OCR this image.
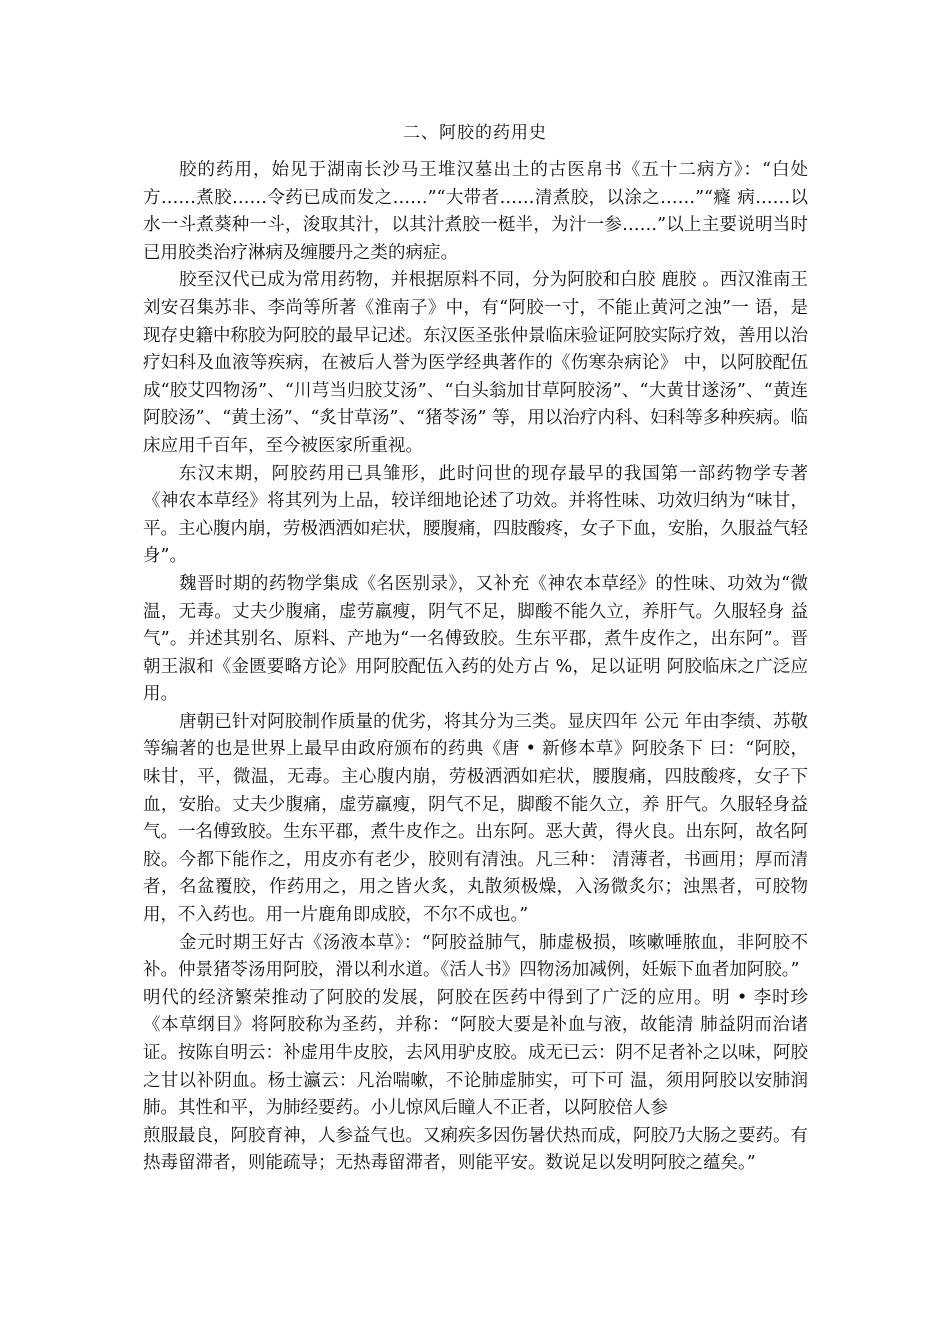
二、阿胶的药用史

胶的药用，始见于湖南长沙马王堆汉墓出土的古医帛书《五十二病方》：“白处方……煮胶……令药已成而发之……”“大带者……清煮胶，以涂之……”“癃 病……以水一斗煮葵种一斗，浚取其汁，以其汁煮胶一梃半，为汁一参……”以上主要说明当时已用胶类治疗淋病及缠腰丹之类的病症。

胶至汉代已成为常用药物，并根据原料不同，分为阿胶和白胶 鹿胶 。西汉淮南王刘安召集苏非、李尚等所著《淮南子》中，有“阿胶一寸，不能止黄河之浊”一 语，是现存史籍中称胶为阿胶的最早记述。东汉医圣张仲景临床验证阿胶实际疗效，善用以治疗妇科及血液等疾病，在被后人誉为医学经典著作的《伤寒杂病论》 中，以阿胶配伍成“胶艾四物汤”、“川芎当归胶艾汤”、“白头翁加甘草阿胶汤”、“大黄甘遂汤”、“黄连阿胶汤”、“黄土汤”、“炙甘草汤”、“猪苓汤” 等，用以治疗内科、妇科等多种疾病。临床应用千百年，至今被医家所重视。

东汉末期，阿胶药用已具雏形，此时问世的现存最早的我国第一部药物学专著《神农本草经》将其列为上品，较详细地论述了功效。并将性味、功效归纳为“味甘，平。主心腹内崩，劳极洒洒如疟状，腰腹痛，四肢酸疼，女子下血，安胎，久服益气轻身”。

魏晋时期的药物学集成《名医别录》，又补充《神农本草经》的性味、功效为“微温，无毒。丈夫少腹痛，虚劳羸瘦，阴气不足，脚酸不能久立，养肝气。久服轻身 益气”。并述其别名、原料、产地为“一名傅致胶。生东平郡，煮牛皮作之，出东阿”。晋朝王淑和《金匮要略方论》用阿胶配伍入药的处方占 %，足以证明 阿胶临床之广泛应用。

唐朝已针对阿胶制作质量的优劣，将其分为三类。显庆四年 公元 年由李绩、苏敬等编著的也是世界上最早由政府颁布的药典《唐 • 新修本草》阿胶条下 曰：“阿胶，味甘，平，微温，无毒。主心腹内崩，劳极洒洒如疟状，腰腹痛，四肢酸疼，女子下血，安胎。丈夫少腹痛，虚劳羸瘦，阴气不足，脚酸不能久立，养 肝气。久服轻身益气。一名傅致胶。生东平郡，煮牛皮作之。出东阿。恶大黄，得火良。出东阿，故名阿胶。今都下能作之，用皮亦有老少，胶则有清浊。凡三种： 清薄者，书画用；厚而清者，名盆覆胶，作药用之，用之皆火炙，丸散须极燥，入汤微炙尔；浊黑者，可胶物用，不入药也。用一片鹿角即成胶，不尔不成也。”

金元时期王好古《汤液本草》：“阿胶益肺气，肺虚极损，咳嗽唾脓血，非阿胶不补。仲景猪苓汤用阿胶，滑以利水道。《活人书》四物汤加减例，妊娠下血者加阿胶。”

明代的经济繁荣推动了阿胶的发展，阿胶在医药中得到了广泛的应用。明 • 李时珍《本草纲目》将阿胶称为圣药，并称：“阿胶大要是补血与液，故能清 肺益阴而治诸证。按陈自明云：补虚用牛皮胶，去风用驴皮胶。成无已云：阴不足者补之以味，阿胶之甘以补阴血。杨士瀛云：凡治喘嗽，不论肺虚肺实，可下可 温，须用阿胶以安肺润肺。其性和平，为肺经要药。小儿惊风后瞳人不正者，以阿胶倍人参

煎服最良，阿胶育神，人参益气也。又痢疾多因伤暑伏热而成，阿胶乃大肠之要药。有热毒留滞者，则能疏导；无热毒留滞者，则能平安。数说足以发明阿胶之蕴矣。”
